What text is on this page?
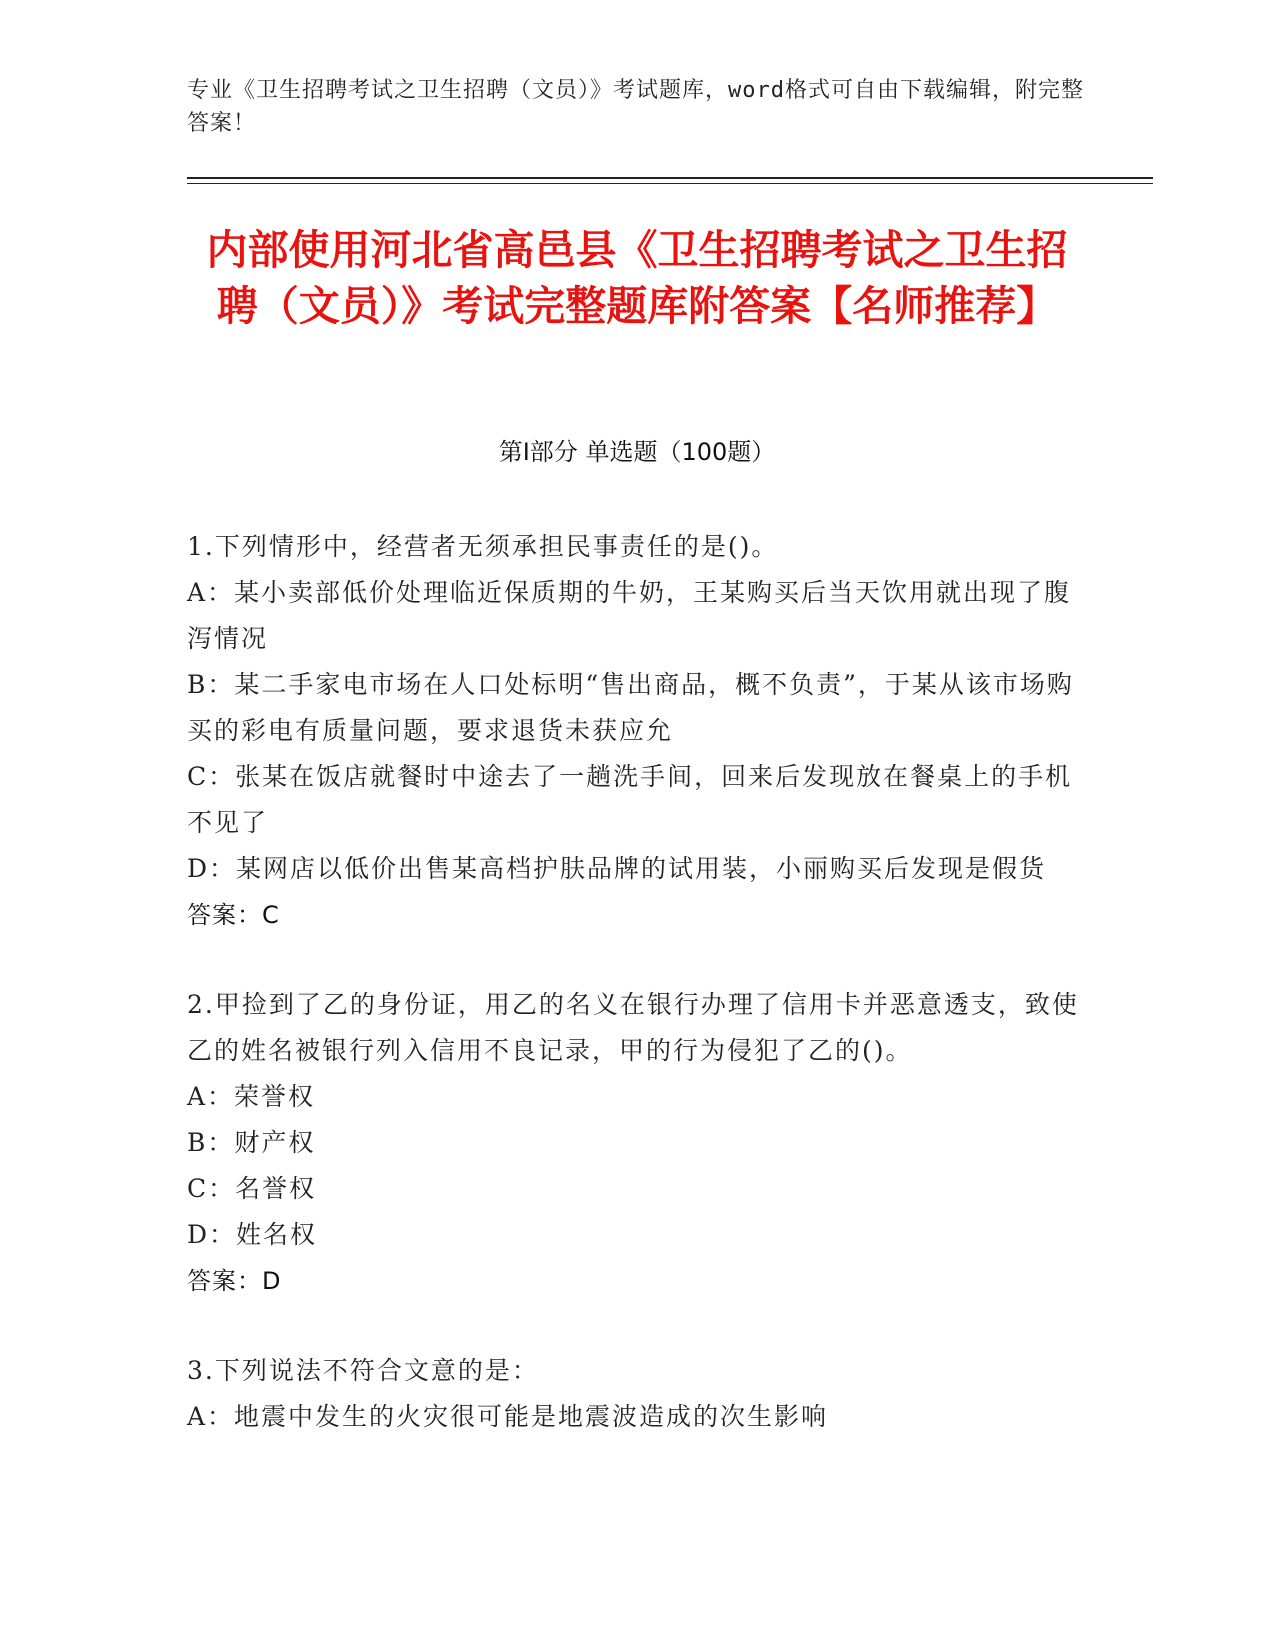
专业《卫生招聘考试之卫生招聘（文员）》考试题库，word格式可自由下载编辑，附完整答案！
内部使用河北省高邑县《卫生招聘考试之卫生招聘（文员）》考试完整题库附答案【名师推荐】
第Ⅰ部分 单选题（100题）

1.下列情形中，经营者无须承担民事责任的是()。

A：某小卖部低价处理临近保质期的牛奶，王某购买后当天饮用就出现了腹泻情况

B：某二手家电市场在人口处标明“售出商品，概不负责”，于某从该市场购买的彩电有质量问题，要求退货未获应允

C：张某在饭店就餐时中途去了一趟洗手间，回来后发现放在餐桌上的手机不见了

D：某网店以低价出售某高档护肤品牌的试用装，小丽购买后发现是假货

答案：C

2.甲捡到了乙的身份证，用乙的名义在银行办理了信用卡并恶意透支，致使乙的姓名被银行列入信用不良记录，甲的行为侵犯了乙的()。

A：荣誉权

B：财产权

C：名誉权

D：姓名权

答案：D

3.下列说法不符合文意的是：

A：地震中发生的火灾很可能是地震波造成的次生影响
